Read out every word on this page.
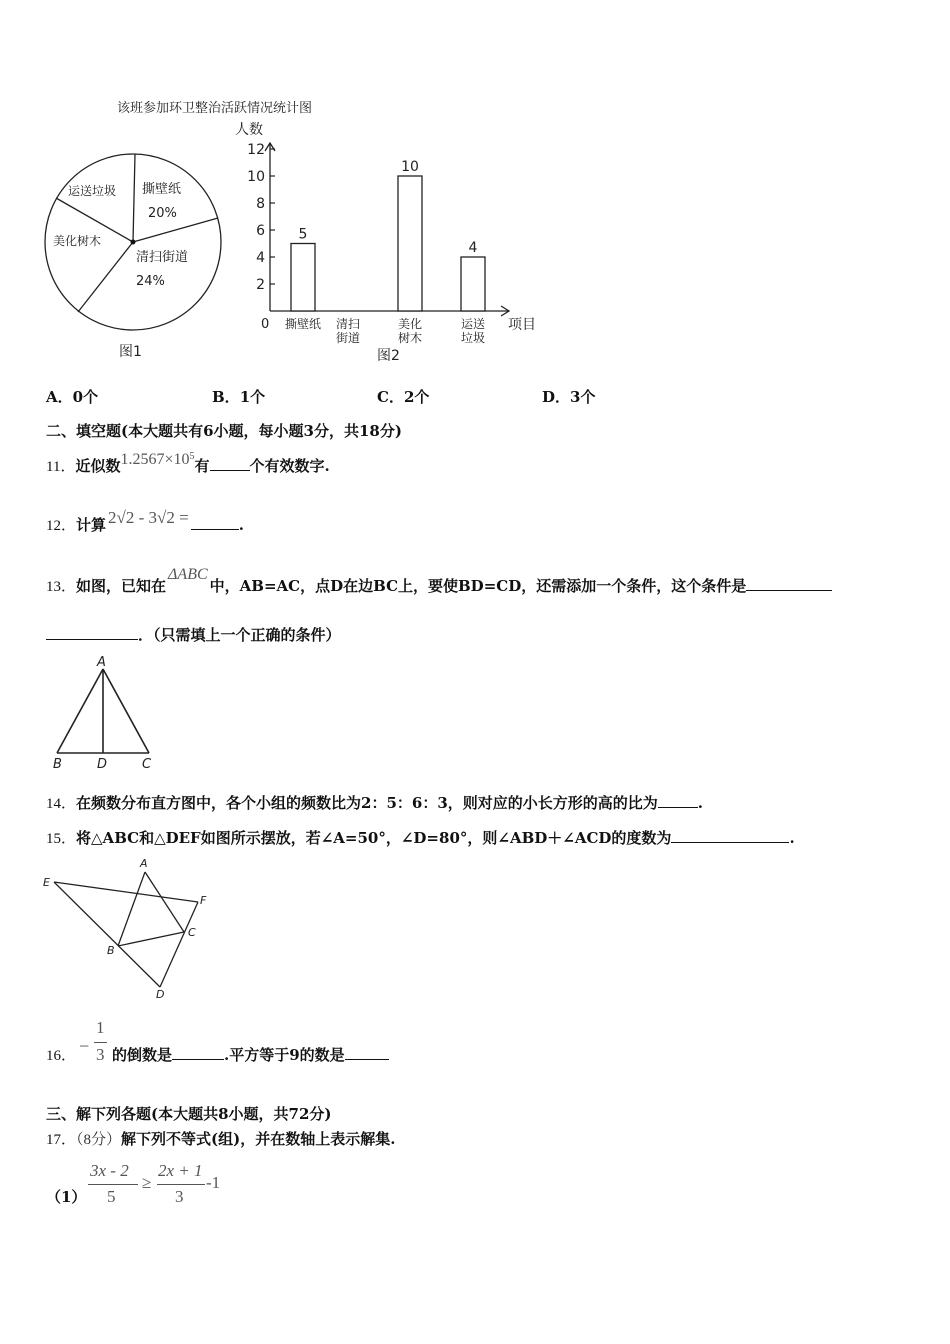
该班参加环卫整治活跃情况统计图
运送垃圾 撕壁纸
20%
清扫街道
24%
美化树木
图1
人数
项目
0
图2
2
4
6
8
10
12
5
10
4
撕壁纸 清扫
街道
美化
树木
运送
垃圾
A．0个	B．1个	C．2个	D．3个
二、填空题(本大题共有6小题，每小题3分，共18分)
11．近似数$1.2567\times 10^5$有	个有效数字.
12．计算 2√2 - 3√2 =	.
13．如图，已知在ΔABC中，AB=AC，点D在边BC上，要使BD=CD，还需添加一个条件，这个条件是
．（只需填上一个正确的条件）
A
B	D	C
14．在频数分布直方图中，各个小组的频数比为2：5：6：3，则对应的小长方形的高的比为	.
15．将△ABC和△DEF如图所示摆放，若∠A=50°，∠D=80°，则∠ABD＋∠ACD的度数为	.
A
E
F
C
B
D
16． −
1
3 的倒数是	.平方等于9的数是
三、解下列各题(本大题共8小题，共72分)
17．（8分）解下列不等式(组)，并在数轴上表示解集.
（1）
3x - 2
5
≥
2x + 1
3
-1
